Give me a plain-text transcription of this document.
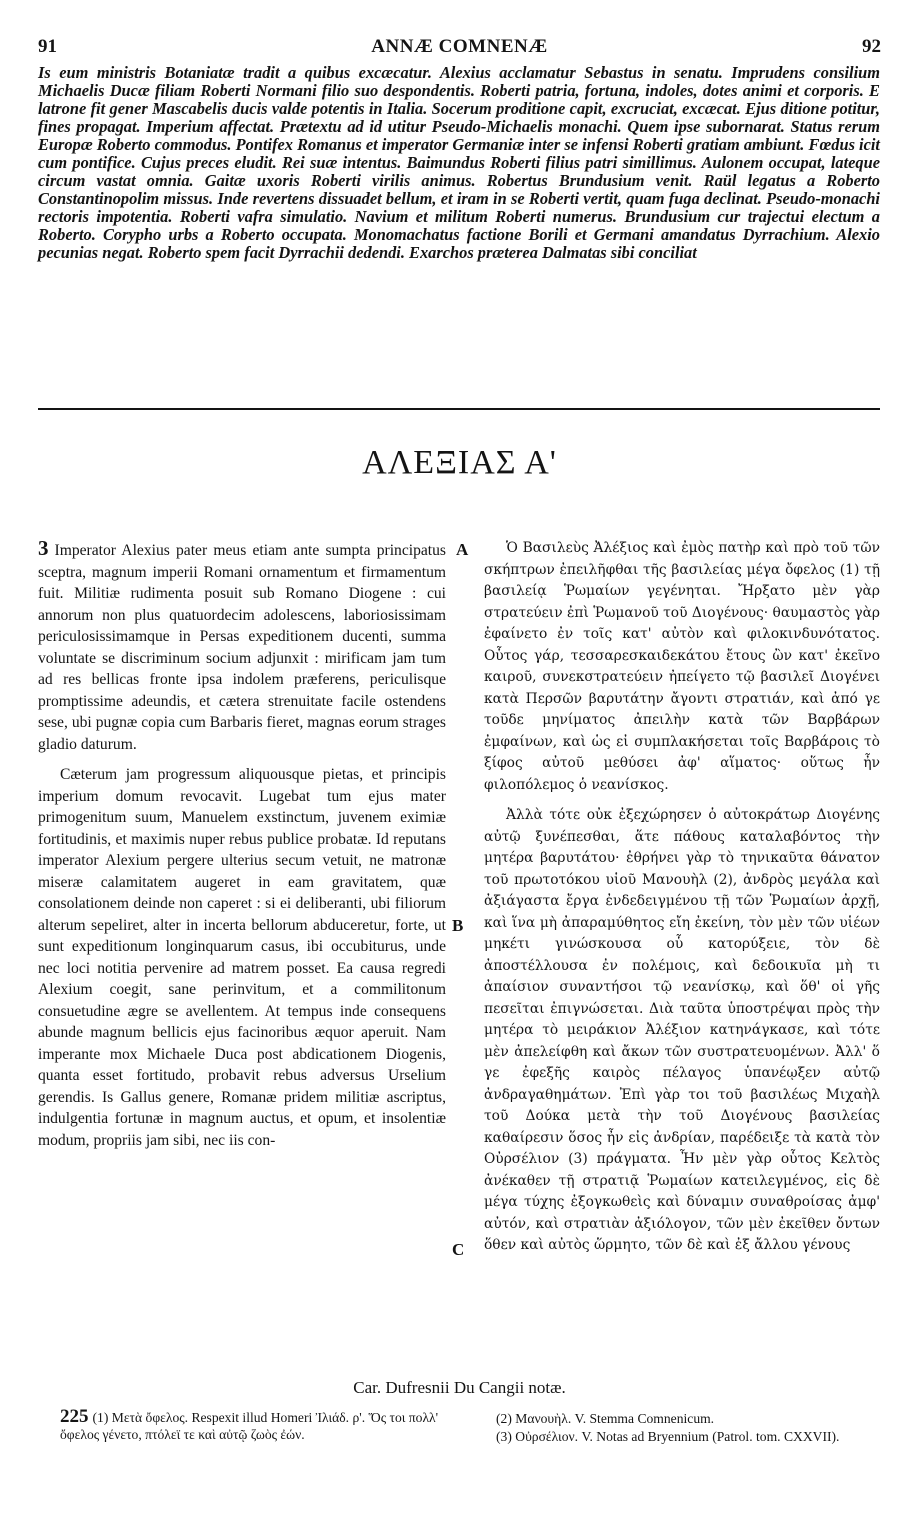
91	ANNÆ COMNENÆ	92
Is eum ministris Botaniatæ tradit a quibus excæcatur. Alexius acclamatur Sebastus in senatu. Imprudens consilium Michaelis Ducæ filiam Roberti Normani filio suo despondentis. Roberti patria, fortuna, indoles, dotes animi et corporis. E latrone fit gener Mascabelis ducis valde potentis in Italia. Socerum proditione capit, excruciat, excæcat. Ejus ditione potitur, fines propagat. Imperium affectat. Prætextu ad id utitur Pseudo-Michaelis monachi. Quem ipse subornarat. Status rerum Europæ Roberto commodus. Pontifex Romanus et imperator Germaniæ inter se infensi Roberti gratiam ambiunt. Fœdus icit cum pontifice. Cujus preces eludit. Rei suæ intentus. Baimundus Roberti filius patri simillimus. Aulonem occupat, lateque circum vastat omnia. Gaitæ uxoris Roberti virilis animus. Robertus Brundusium venit. Raül legatus a Roberto Constantinopolim missus. Inde revertens dissuadet bellum, et iram in se Roberti vertit, quam fuga declinat. Pseudo-monachi rectoris impotentia. Roberti vafra simulatio. Navium et militum Roberti numerus. Brundusium cur trajectui electum a Roberto. Corypho urbs a Roberto occupata. Monomachatus factione Borili et Germani amandatus Dyrrachium. Alexio pecunias negat. Roberto spem facit Dyrrachii dedendi. Exarchos præterea Dalmatas sibi conciliat
ΑΛΕΞΙΑΣ Α'

3 Imperator Alexius pater meus etiam ante sumpta principatus sceptra, magnum imperii Romani ornamentum et firmamentum fuit. Militiæ rudimenta posuit sub Romano Diogene : cui annorum non plus quatuordecim adolescens, laboriosissimam periculosissimamque in Persas expeditionem ducenti, summa voluntate se discriminum socium adjunxit : mirificam jam tum ad res bellicas fronte ipsa indolem præferens, periculisque promptissime adeundis, et cætera strenuitate facile ostendens sese, ubi pugnæ copia cum Barbaris fieret, magnas eorum strages gladio daturum.

Cæterum jam progressum aliquousque pietas, et principis imperium domum revocavit. Lugebat tum ejus mater primogenitum suum, Manuelem exstinctum, juvenem eximiæ fortitudinis, et maximis nuper rebus publice probatæ. Id reputans imperator Alexium pergere ulterius secum vetuit, ne matronæ miseræ calamitatem augeret in eam gravitatem, quæ consolationem deinde non caperet : si ei deliberanti, ubi filiorum alterum sepeliret, alter in incerta bellorum abduceretur, forte, ut sunt expeditionum longinquarum casus, ibi occubiturus, unde nec loci notitia pervenire ad matrem posset. Ea causa regredi Alexium coegit, sane perinvitum, et a commilitonum consuetudine ægre se avellentem. At tempus inde consequens abunde magnum bellicis ejus facinoribus æquor aperuit. Nam imperante mox Michaele Duca post abdicationem Diogenis, quanta esset fortitudo, probavit rebus adversus Urselium gerendis. Is Gallus genere, Romanæ pridem militiæ ascriptus, indulgentia fortunæ in magnum auctus, et opum, et insolentiæ modum, propriis jam sibi, nec iis con-

A
B
C

Ὁ Βασιλεὺς Ἀλέξιος καὶ ἐμὸς πατὴρ καὶ πρὸ τοῦ τῶν σκήπτρων ἐπειλῆφθαι τῆς βασιλείας μέγα ὄφελος (1) τῇ βασιλείᾳ Ῥωμαίων γεγένηται. Ἤρξατο μὲν γὰρ στρατεύειν ἐπὶ Ῥωμανοῦ τοῦ Διογένους· θαυμαστὸς γὰρ ἐφαίνετο ἐν τοῖς κατ' αὐτὸν καὶ φιλοκινδυνότατος. Οὗτος γάρ, τεσσαρεσκαιδεκάτου ἔτους ὢν κατ' ἐκεῖνο καιροῦ, συνεκστρατεύειν ἠπείγετο τῷ βασιλεῖ Διογένει κατὰ Περσῶν βαρυτάτην ἄγοντι στρατιάν, καὶ ἀπό γε τοῦδε μηνίματος ἀπειλὴν κατὰ τῶν Βαρβάρων ἐμφαίνων, καὶ ὡς εἰ συμπλακήσεται τοῖς Βαρβάροις τὸ ξίφος αὐτοῦ μεθύσει ἀφ' αἵματος· οὕτως ἦν φιλοπόλεμος ὁ νεανίσκος.

Ἀλλὰ τότε οὐκ ἐξεχώρησεν ὁ αὐτοκράτωρ Διογένης αὐτῷ ξυνέπεσθαι, ἅτε πάθους καταλαβόντος τὴν μητέρα βαρυτάτου· ἐθρήνει γὰρ τὸ τηνικαῦτα θάνατον τοῦ πρωτοτόκου υἱοῦ Μανουὴλ (2), ἀνδρὸς μεγάλα καὶ ἀξιάγαστα ἔργα ἐνδεδειγμένου τῇ τῶν Ῥωμαίων ἀρχῇ, καὶ ἵνα μὴ ἀπαραμύθητος εἴη ἐκείνη, τὸν μὲν τῶν υἱέων μηκέτι γινώσκουσα οὗ κατορύξειε, τὸν δὲ ἀποστέλλουσα ἐν πολέμοις, καὶ δεδοικυῖα μὴ τι ἀπαίσιον συναντήσοι τῷ νεανίσκῳ, καὶ ὅθ' οἱ γῆς πεσεῖται ἐπιγνώσεται. Διὰ ταῦτα ὑποστρέψαι πρὸς τὴν μητέρα τὸ μειράκιον Ἀλέξιον κατηνάγκασε, καὶ τότε μὲν ἀπελείφθη καὶ ἄκων τῶν συστρατευομένων. Ἀλλ' ὅ γε ἐφεξῆς καιρὸς πέλαγος ὑπανέῳξεν αὐτῷ ἀνδραγαθημάτων. Ἐπὶ γὰρ τοι τοῦ βασιλέως Μιχαὴλ τοῦ Δούκα μετὰ τὴν τοῦ Διογένους βασιλείας καθαίρεσιν ὅσος ἦν εἰς ἀνδρίαν, παρέδειξε τὰ κατὰ τὸν Οὐρσέλιον (3) πράγματα. Ἦν μὲν γὰρ οὗτος Κελτὸς ἀνέκαθεν τῇ στρατιᾷ Ῥωμαίων κατειλεγμένος, εἰς δὲ μέγα τύχης ἐξογκωθεὶς καὶ δύναμιν συναθροίσας ἀμφ' αὐτόν, καὶ στρατιὰν ἀξιόλογον, τῶν μὲν ἐκεῖθεν ὄντων ὅθεν καὶ αὐτὸς ὥρμητο, τῶν δὲ καὶ ἐξ ἄλλου γένους

Car. Dufresnii Du Cangii notæ.
225 (1) Μετὰ ὄφελος. Respexit illud Homeri Ἰλιάδ. ρ'. Ὅς τοι πολλ' ὄφελος γένετο, πτόλεϊ τε καὶ αὐτῷ ζωὸς ἐών.
(2) Μανουὴλ. V. Stemma Comnenicum.
(3) Οὐρσέλιον. V. Notas ad Bryennium (Patrol. tom. CXXVII).
